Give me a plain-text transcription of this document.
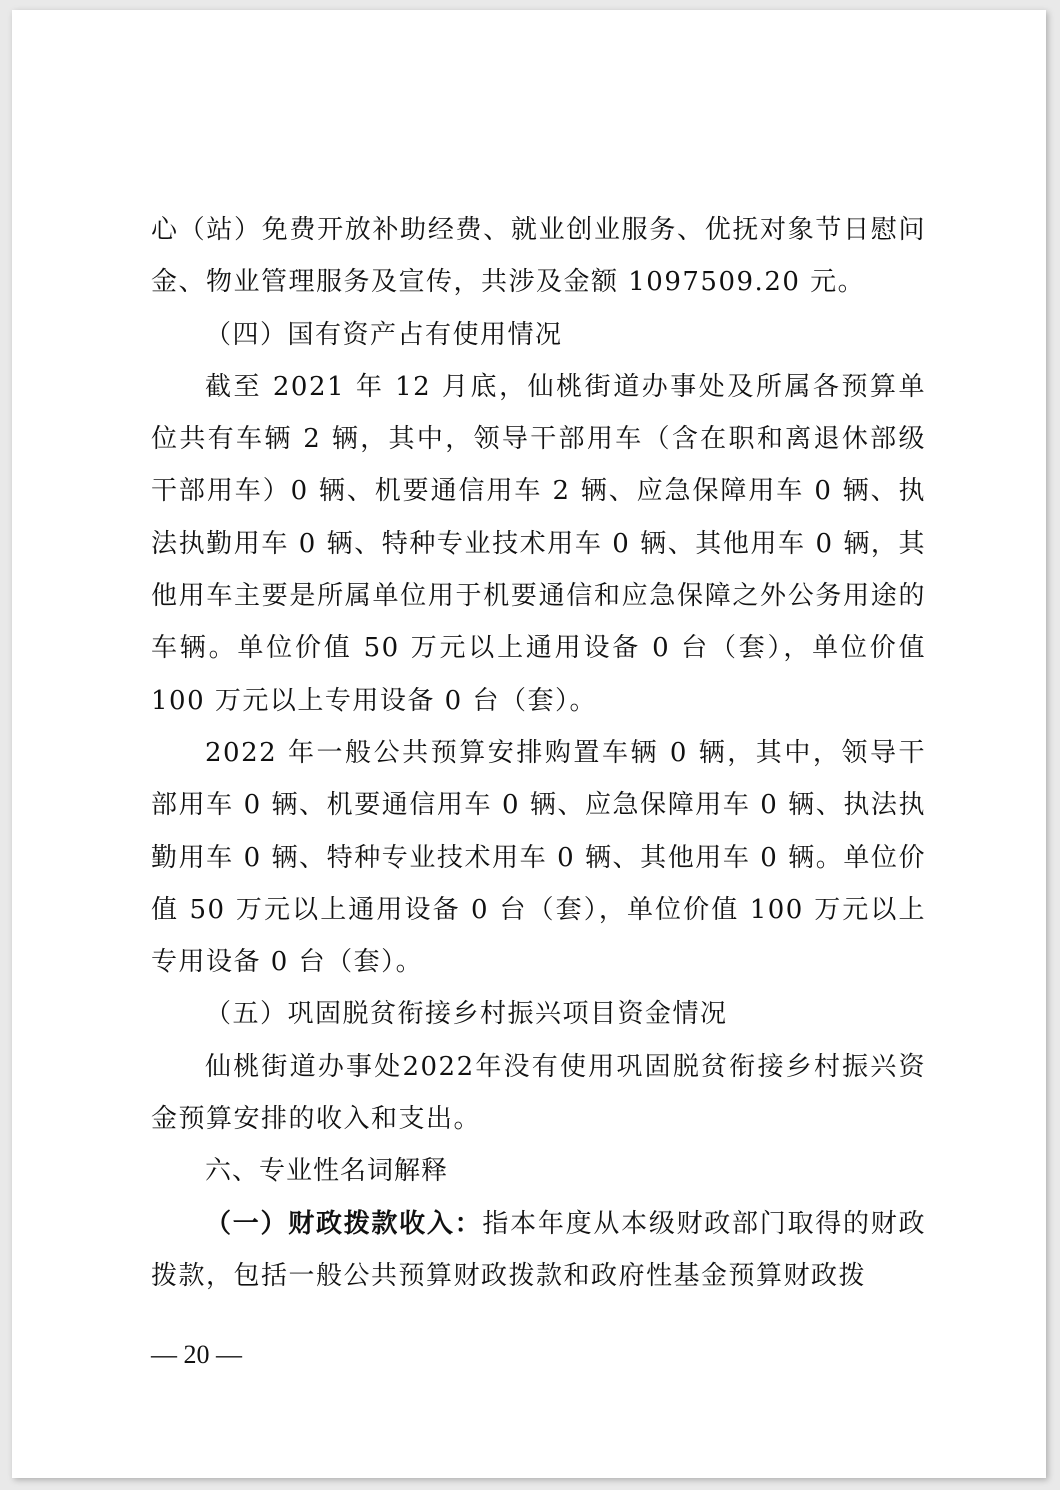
心（站）免费开放补助经费、就业创业服务、优抚对象节日慰问金、物业管理服务及宣传，共涉及金额 1097509.20 元。

（四）国有资产占有使用情况

截至 2021 年 12 月底，仙桃街道办事处及所属各预算单位共有车辆 2 辆，其中，领导干部用车（含在职和离退休部级干部用车）0 辆、机要通信用车 2 辆、应急保障用车 0 辆、执法执勤用车 0 辆、特种专业技术用车 0 辆、其他用车 0 辆，其他用车主要是所属单位用于机要通信和应急保障之外公务用途的车辆。单位价值 50 万元以上通用设备 0 台（套），单位价值 100 万元以上专用设备 0 台（套）。

2022 年一般公共预算安排购置车辆 0 辆，其中，领导干部用车 0 辆、机要通信用车 0 辆、应急保障用车 0 辆、执法执勤用车 0 辆、特种专业技术用车 0 辆、其他用车 0 辆。单位价值 50 万元以上通用设备 0 台（套），单位价值 100 万元以上专用设备 0 台（套）。

（五）巩固脱贫衔接乡村振兴项目资金情况

仙桃街道办事处2022年没有使用巩固脱贫衔接乡村振兴资金预算安排的收入和支出。

六、专业性名词解释

（一）财政拨款收入：指本年度从本级财政部门取得的财政拨款，包括一般公共预算财政拨款和政府性基金预算财政拨

— 20 —
